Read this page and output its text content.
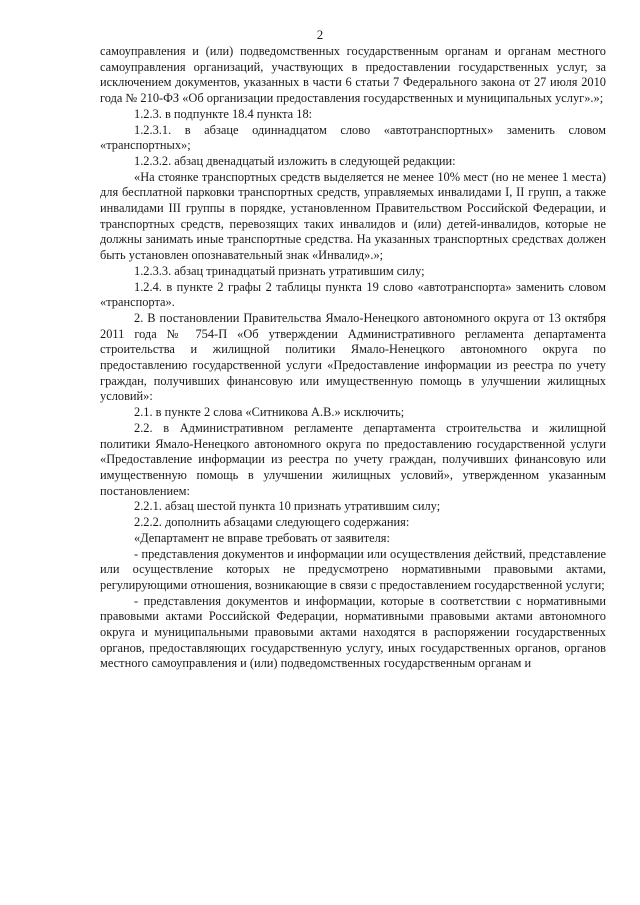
2

самоуправления и (или) подведомственных государственным органам и органам местного самоуправления организаций, участвующих в предоставлении государственных услуг, за исключением документов, указанных в части 6 статьи 7 Федерального закона от 27 июля 2010 года № 210-ФЗ «Об организации предоставления государственных и муниципальных услуг».»;

1.2.3. в подпункте 18.4 пункта 18:

1.2.3.1. в абзаце одиннадцатом слово «автотранспортных» заменить словом «транспортных»;

1.2.3.2. абзац двенадцатый изложить в следующей редакции:

«На стоянке транспортных средств выделяется не менее 10% мест (но не менее 1 места) для бесплатной парковки транспортных средств, управляемых инвалидами I, II групп, а также инвалидами III группы в порядке, установленном Правительством Российской Федерации, и транспортных средств, перевозящих таких инвалидов и (или) детей-инвалидов, которые не должны занимать иные транспортные средства. На указанных транспортных средствах должен быть установлен опознавательный знак «Инвалид».»;

1.2.3.3. абзац тринадцатый признать утратившим силу;

1.2.4. в пункте 2 графы 2 таблицы пункта 19 слово «автотранспорта» заменить словом «транспорта».

2. В постановлении Правительства Ямало-Ненецкого автономного округа от 13 октября 2011 года № 754-П «Об утверждении Административного регламента департамента строительства и жилищной политики Ямало-Ненецкого автономного округа по предоставлению государственной услуги «Предоставление информации из реестра по учету граждан, получивших финансовую или имущественную помощь в улучшении жилищных условий»:

2.1. в пункте 2 слова «Ситникова А.В.» исключить;

2.2. в Административном регламенте департамента строительства и жилищной политики Ямало-Ненецкого автономного округа по предоставлению государственной услуги «Предоставление информации из реестра по учету граждан, получивших финансовую или имущественную помощь в улучшении жилищных условий», утвержденном указанным постановлением:

2.2.1. абзац шестой пункта 10 признать утратившим силу;

2.2.2. дополнить абзацами следующего содержания:

«Департамент не вправе требовать от заявителя:

- представления документов и информации или осуществления действий, представление или осуществление которых не предусмотрено нормативными правовыми актами, регулирующими отношения, возникающие в связи с предоставлением государственной услуги;

- представления документов и информации, которые в соответствии с нормативными правовыми актами Российской Федерации, нормативными правовыми актами автономного округа и муниципальными правовыми актами находятся в распоряжении государственных органов, предоставляющих государственную услугу, иных государственных органов, органов местного самоуправления и (или) подведомственных государственным органам и
